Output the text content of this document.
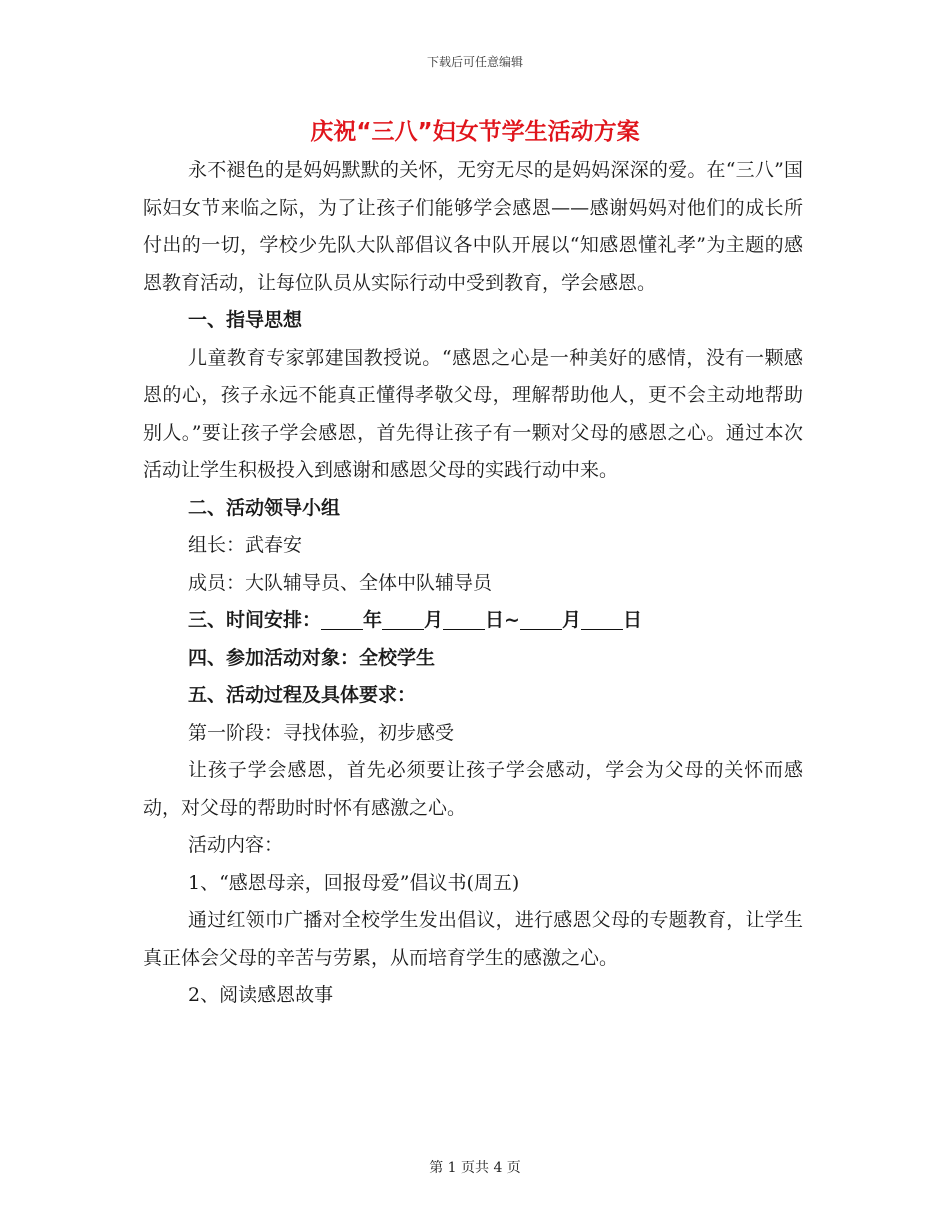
下载后可任意编辑
庆祝“三八”妇女节学生活动方案

永不褪色的是妈妈默默的关怀，无穷无尽的是妈妈深深的爱。在“三八”国际妇女节来临之际，为了让孩子们能够学会感恩——感谢妈妈对他们的成长所付出的一切，学校少先队大队部倡议各中队开展以“知感恩懂礼孝”为主题的感恩教育活动，让每位队员从实际行动中受到教育，学会感恩。

一、指导思想

儿童教育专家郭建国教授说。“感恩之心是一种美好的感情，没有一颗感恩的心，孩子永远不能真正懂得孝敬父母，理解帮助他人，更不会主动地帮助别人。”要让孩子学会感恩，首先得让孩子有一颗对父母的感恩之心。通过本次活动让学生积极投入到感谢和感恩父母的实践行动中来。

二、活动领导小组

组长：武春安

成员：大队辅导员、全体中队辅导员

三、时间安排： 年 月 日~ 月 日

四、参加活动对象：全校学生

五、活动过程及具体要求：

第一阶段：寻找体验，初步感受

让孩子学会感恩，首先必须要让孩子学会感动，学会为父母的关怀而感动，对父母的帮助时时怀有感激之心。

活动内容：

1、“感恩母亲，回报母爱”倡议书(周五)

通过红领巾广播对全校学生发出倡议，进行感恩父母的专题教育，让学生真正体会父母的辛苦与劳累，从而培育学生的感激之心。

2、阅读感恩故事

第 1 页共 4 页
